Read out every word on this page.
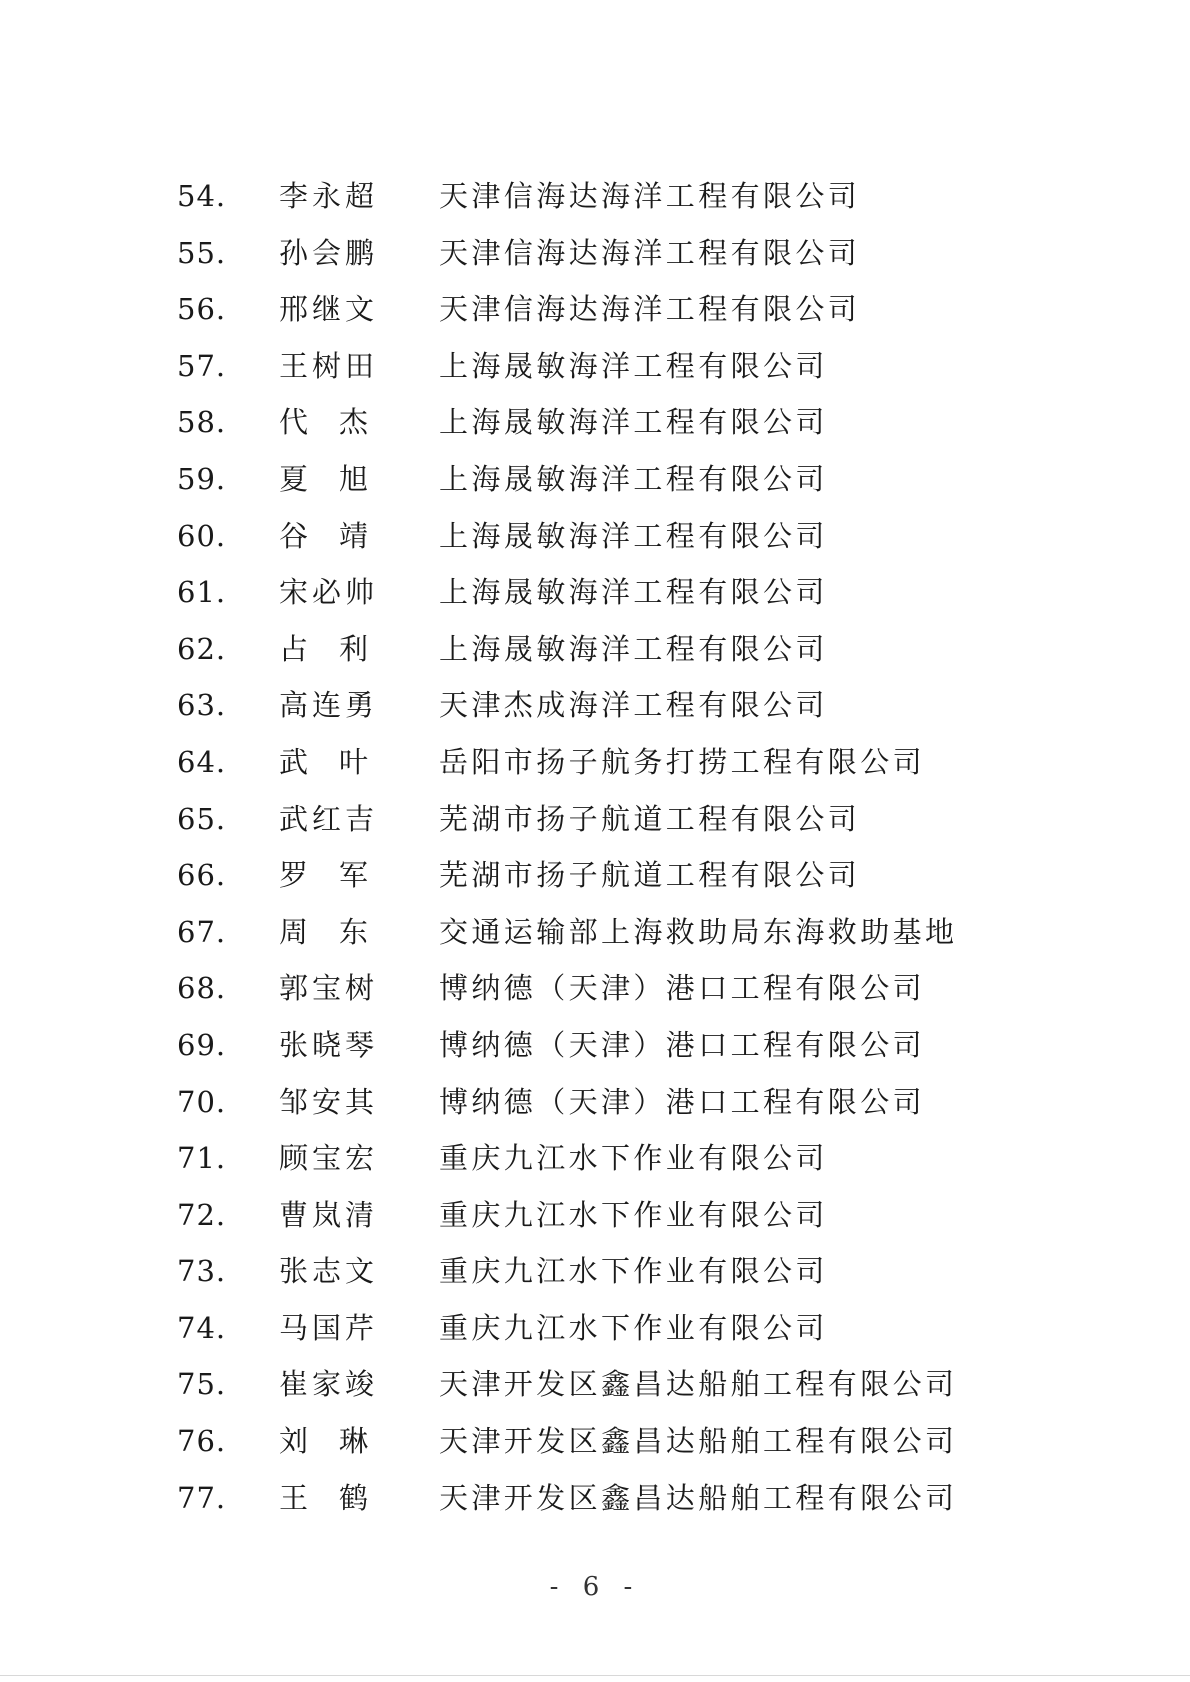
54. 李永超 天津信海达海洋工程有限公司
55. 孙会鹏 天津信海达海洋工程有限公司
56. 邢继文 天津信海达海洋工程有限公司
57. 王树田 上海晟敏海洋工程有限公司
58. 代杰 上海晟敏海洋工程有限公司
59. 夏旭 上海晟敏海洋工程有限公司
60. 谷靖 上海晟敏海洋工程有限公司
61. 宋必帅 上海晟敏海洋工程有限公司
62. 占利 上海晟敏海洋工程有限公司
63. 高连勇 天津杰成海洋工程有限公司
64. 武叶 岳阳市扬子航务打捞工程有限公司
65. 武红吉 芜湖市扬子航道工程有限公司
66. 罗军 芜湖市扬子航道工程有限公司
67. 周东 交通运输部上海救助局东海救助基地
68. 郭宝树 博纳德（天津）港口工程有限公司
69. 张晓琴 博纳德（天津）港口工程有限公司
70. 邹安其 博纳德（天津）港口工程有限公司
71. 顾宝宏 重庆九江水下作业有限公司
72. 曹岚清 重庆九江水下作业有限公司
73. 张志文 重庆九江水下作业有限公司
74. 马国芹 重庆九江水下作业有限公司
75. 崔家竣 天津开发区鑫昌达船舶工程有限公司
76. 刘琳 天津开发区鑫昌达船舶工程有限公司
77. 王鹤 天津开发区鑫昌达船舶工程有限公司
- 6 -
